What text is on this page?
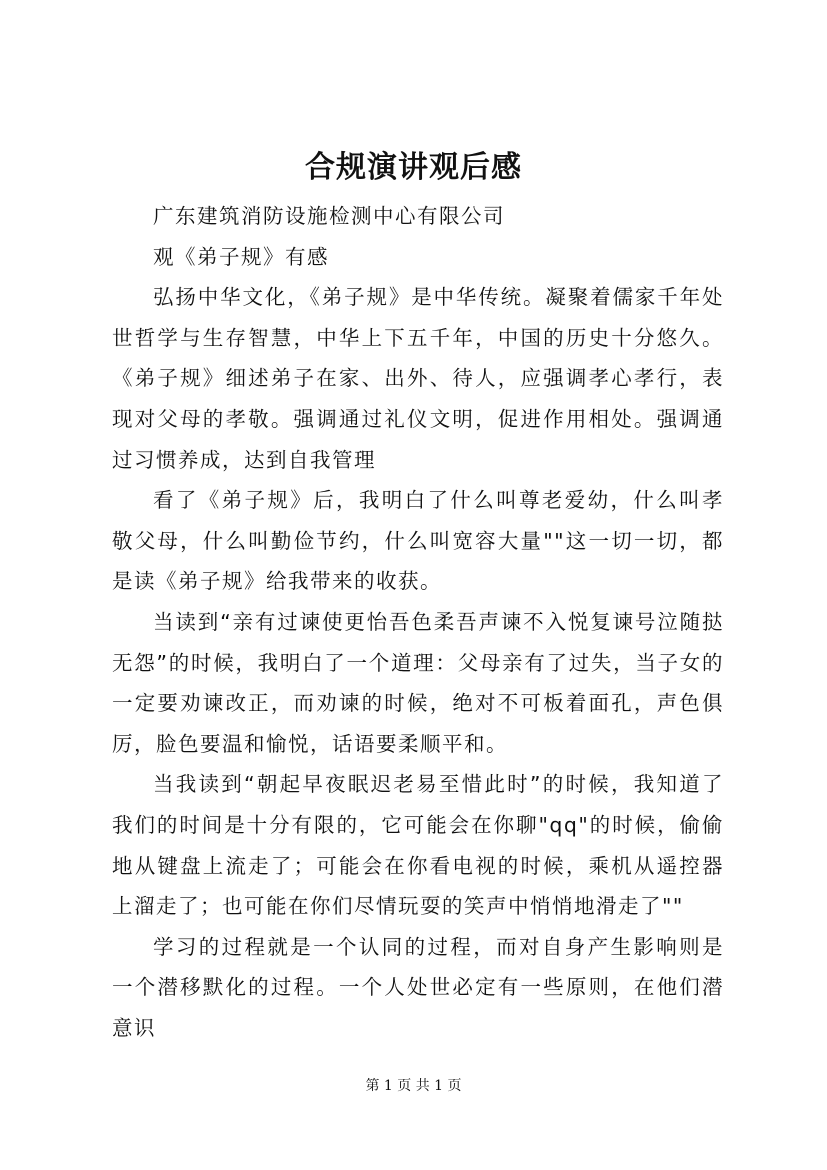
合规演讲观后感

广东建筑消防设施检测中心有限公司

观《弟子规》有感

弘扬中华文化，《弟子规》是中华传统。凝聚着儒家千年处世哲学与生存智慧，中华上下五千年，中国的历史十分悠久。《弟子规》细述弟子在家、出外、待人，应强调孝心孝行，表现对父母的孝敬。强调通过礼仪文明，促进作用相处。强调通过习惯养成，达到自我管理

看了《弟子规》后，我明白了什么叫尊老爱幼，什么叫孝敬父母，什么叫勤俭节约，什么叫宽容大量""这一切一切，都是读《弟子规》给我带来的收获。

当读到“亲有过谏使更怡吾色柔吾声谏不入悦复谏号泣随挞无怨”的时候，我明白了一个道理：父母亲有了过失，当子女的一定要劝谏改正，而劝谏的时候，绝对不可板着面孔，声色俱厉，脸色要温和愉悦，话语要柔顺平和。

当我读到“朝起早夜眠迟老易至惜此时”的时候，我知道了我们的时间是十分有限的，它可能会在你聊"qq"的时候，偷偷地从键盘上流走了；可能会在你看电视的时候，乘机从遥控器上溜走了；也可能在你们尽情玩耍的笑声中悄悄地滑走了""

学习的过程就是一个认同的过程，而对自身产生影响则是一个潜移默化的过程。一个人处世必定有一些原则，在他们潜意识

第 1 页 共 1 页
